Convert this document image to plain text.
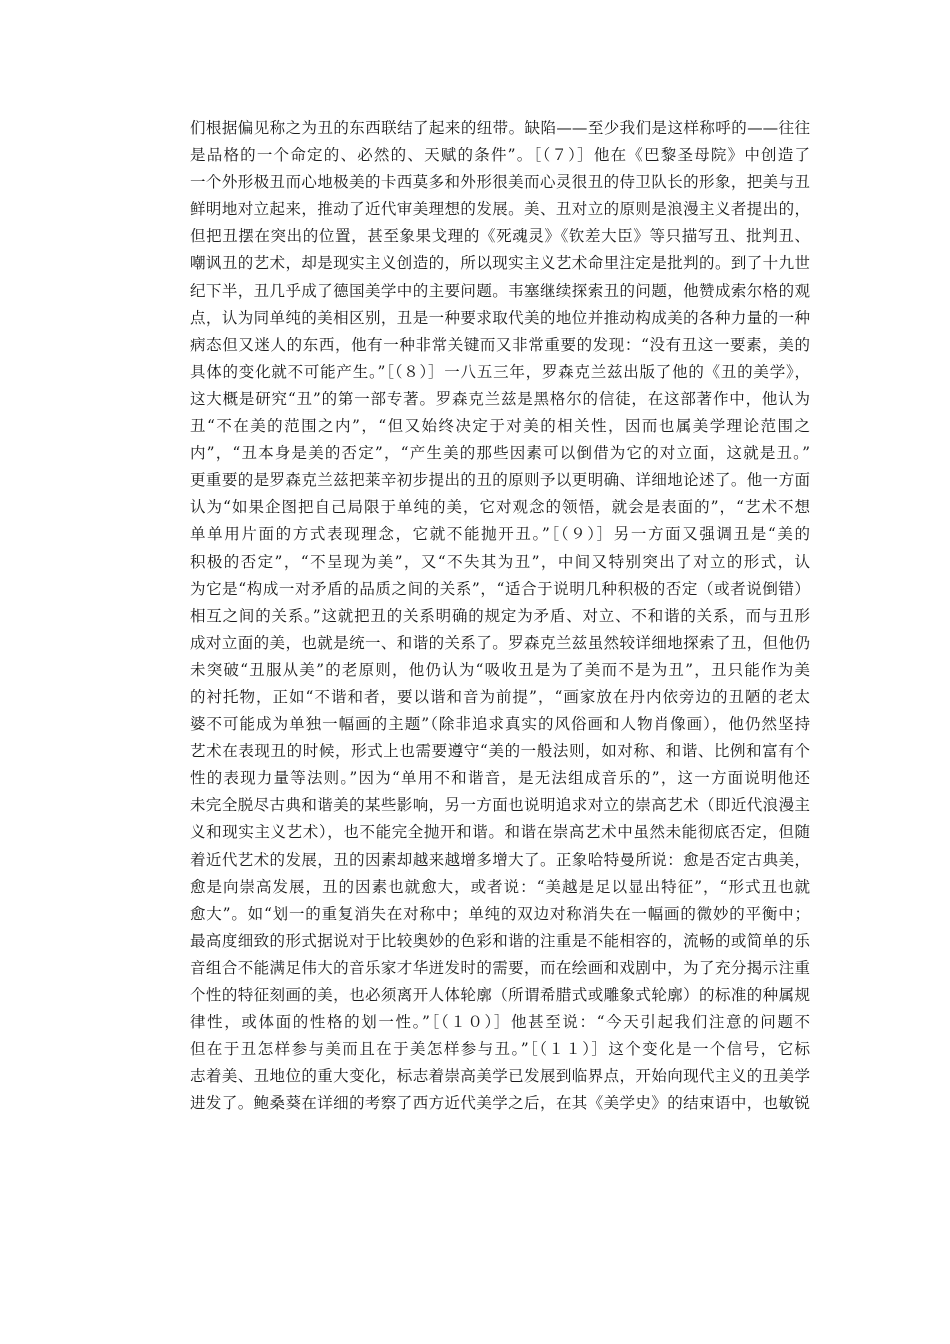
们根据偏见称之为丑的东西联结了起来的纽带。缺陷——至少我们是这样称呼的——往往
是品格的一个命定的、必然的、天赋的条件”。［（７）］他在《巴黎圣母院》中创造了
一个外形极丑而心地极美的卡西莫多和外形很美而心灵很丑的侍卫队长的形象，把美与丑
鲜明地对立起来，推动了近代审美理想的发展。美、丑对立的原则是浪漫主义者提出的，
但把丑摆在突出的位置，甚至象果戈理的《死魂灵》《钦差大臣》等只描写丑、批判丑、
嘲讽丑的艺术，却是现实主义创造的，所以现实主义艺术命里注定是批判的。到了十九世
纪下半，丑几乎成了德国美学中的主要问题。韦塞继续探索丑的问题，他赞成索尔格的观
点，认为同单纯的美相区别，丑是一种要求取代美的地位并推动构成美的各种力量的一种
病态但又迷人的东西，他有一种非常关键而又非常重要的发现：“没有丑这一要素，美的
具体的变化就不可能产生。”［（８）］一八五三年，罗森克兰兹出版了他的《丑的美学》，
这大概是研究“丑”的第一部专著。罗森克兰兹是黑格尔的信徒，在这部著作中，他认为
丑“不在美的范围之内”，“但又始终决定于对美的相关性，因而也属美学理论范围之
内”，“丑本身是美的否定”，“产生美的那些因素可以倒借为它的对立面，这就是丑。”
更重要的是罗森克兰兹把莱辛初步提出的丑的原则予以更明确、详细地论述了。他一方面
认为“如果企图把自己局限于单纯的美，它对观念的领悟，就会是表面的”，“艺术不想
单单用片面的方式表现理念，它就不能抛开丑。”［（９）］另一方面又强调丑是“美的
积极的否定”，“不呈现为美”，又“不失其为丑”，中间又特别突出了对立的形式，认
为它是“构成一对矛盾的品质之间的关系”，“适合于说明几种积极的否定（或者说倒错）
相互之间的关系。”这就把丑的关系明确的规定为矛盾、对立、不和谐的关系，而与丑形
成对立面的美，也就是统一、和谐的关系了。罗森克兰兹虽然较详细地探索了丑，但他仍
未突破“丑服从美”的老原则，他仍认为“吸收丑是为了美而不是为丑”，丑只能作为美
的衬托物，正如“不谐和者，要以谐和音为前提”，“画家放在丹内依旁边的丑陋的老太
婆不可能成为单独一幅画的主题”（除非追求真实的风俗画和人物肖像画），他仍然坚持
艺术在表现丑的时候，形式上也需要遵守“美的一般法则，如对称、和谐、比例和富有个
性的表现力量等法则。”因为“单用不和谐音，是无法组成音乐的”，这一方面说明他还
未完全脱尽古典和谐美的某些影响，另一方面也说明追求对立的崇高艺术（即近代浪漫主
义和现实主义艺术），也不能完全抛开和谐。和谐在崇高艺术中虽然未能彻底否定，但随
着近代艺术的发展，丑的因素却越来越增多增大了。正象哈特曼所说：愈是否定古典美，
愈是向崇高发展，丑的因素也就愈大，或者说：“美越是足以显出特征”，“形式丑也就
愈大”。如“划一的重复消失在对称中；单纯的双边对称消失在一幅画的微妙的平衡中；
最高度细致的形式据说对于比较奥妙的色彩和谐的注重是不能相容的，流畅的或简单的乐
音组合不能满足伟大的音乐家才华迸发时的需要，而在绘画和戏剧中，为了充分揭示注重
个性的特征刻画的美，也必须离开人体轮廓（所谓希腊式或雕象式轮廓）的标准的种属规
律性，或体面的性格的划一性。”［（１０）］他甚至说：“今天引起我们注意的问题不
但在于丑怎样参与美而且在于美怎样参与丑。”［（１１）］这个变化是一个信号，它标
志着美、丑地位的重大变化，标志着崇高美学已发展到临界点，开始向现代主义的丑美学
进发了。鲍桑葵在详细的考察了西方近代美学之后，在其《美学史》的结束语中，也敏锐
